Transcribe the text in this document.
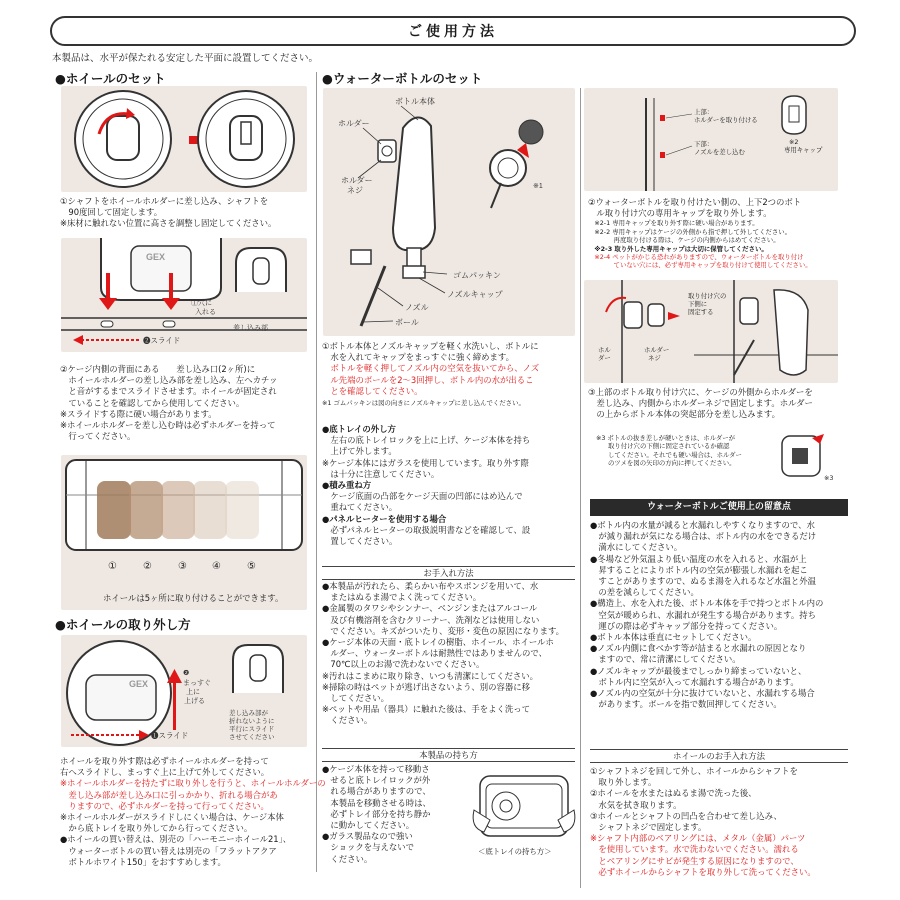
ご使用方法
本製品は、水平が保たれる安定した平面に設置してください。
●ホイールのセット
①シャフトをホイールホルダーに差し込み、シャフトを
　90度回して固定します。
※床材に触れない位置に高さを調整し固定してください。
GEX
①穴に
入れる
差し込み部
❷スライド
②ケージ内側の背面にある　　差し込み口(2ヶ所)に
　ホイールホルダーの差し込み部を差し込み、左へカチッ
　と音がするまでスライドさせます。ホイールが固定され
　ていることを確認してから使用してください。
※スライドする際に硬い場合があります。
※ホイールホルダーを差し込む時は必ずホルダーを持って
　行ってください。
①	②	③	④	⑤
ホイールは5ヶ所に取り付けることができます。
●ホイールの取り外し方
GEX
❶スライド
❷
まっすぐ
上に
上げる
差し込み部が
折れないように
平行にスライド
させてください
ホイールを取り外す際は必ずホイールホルダーを持って
右へスライドし、まっすぐ上に上げて外してください。
※ホイールホルダーを持たずに取り外しを行うと、ホイールホルダーの
　差し込み部が差し込み口に引っかかり、折れる場合があ
　りますので、必ずホルダーを持って行ってください。
※ホイールホルダーがスライドしにくい場合は、ケージ本体
　から底トレイを取り外してから行ってください。
●ホイールの買い替えは、別売の「ハーモニーホイール21」、
　ウォーターボトルの買い替えは別売の「フラットアクア
　ボトルホワイト150」をおすすめします。
●ウォーターボトルのセット
ボトル本体
ホルダー
ホルダー
ネジ
ゴムパッキン
ノズルキャップ
ノズル
ボール
※1
①ボトル本体とノズルキャップを軽く水洗いし、ボトルに
　水を入れてキャップをまっすぐに強く締めます。
　ボトルを軽く押してノズル内の空気を抜いてから、ノズ
　ル先端のボールを2〜3回押し、ボトル内の水が出るこ
　とを確認してください。
※1 ゴムパッキンは図の向きにノズルキャップに差し込んでください。
●底トレイの外し方
　左右の底トレイロックを上に上げ、ケージ本体を持ち
　上げて外します。
※ケージ本体にはガラスを使用しています。取り外す際
　は十分に注意してください。
●積み重ね方
　ケージ底面の凸部をケージ天面の凹部にはめ込んで
　重ねてください。
●パネルヒーターを使用する場合
　必ずパネルヒーターの取扱説明書などを確認して、設
　置してください。
お手入れ方法
●本製品が汚れたら、柔らかい布やスポンジを用いて、水
　またはぬるま湯でよく洗ってください。
●金属製のタワシやシンナー、ベンジンまたはアルコール
　及び有機溶剤を含むクリーナー、洗剤などは使用しない
　でください。キズがついたり、変形・変色の原因になります。
●ケージ本体の天面・底トレイの樹脂、ホイール、ホイールホ
　ルダー、ウォーターボトルは耐熱性ではありませんので、
　70℃以上のお湯で洗わないでください。
※汚れはこまめに取り除き、いつも清潔にしてください。
※掃除の時はペットが逃げ出さないよう、別の容器に移
　してください。
※ペットや用品（器具）に触れた後は、手をよく洗って
　ください。
本製品の持ち方
●ケージ本体を持って移動さ
　せると底トレイロックが外
　れる場合がありますので、
　本製品を移動させる時は、
　必ずトレイ部分を持ち静か
　に動かしてください。
●ガラス製品なので強い
　ショックを与えないで
　ください。
＜底トレイの持ち方＞
上部：
ホルダーを取り付ける
下部：
ノズルを差し込む
※2
専用キャップ
②ウォーターボトルを取り付けたい側の、上下2つのボト
　ル取り付け穴の専用キャップを取り外します。
　※2-1 専用キャップを取り外す際に硬い場合があります。
　※2-2 専用キャップはケージの外側から指で押して外してください。
　　　　再度取り付ける際は、ケージの内側からはめてください。
　※2-3 取り外した専用キャップは大切に保管してください。
　※2-4 ペットがかじる恐れがありますので、ウォーターボトルを取り付け
　　　　ていない穴には、必ず専用キャップを取り付けて使用してください。
取り付け穴の
下側に
固定する
ホル
ダー
ホルダー
ネジ
③上部のボトル取り付け穴に、ケージの外側からホルダーを
　差し込み、内側からホルダーネジで固定します。ホルダー
　の上からボトル本体の突起部分を差し込みます。
※3 ボトルの抜き差しが硬いときは、ホルダーが
取り付け穴の下側に固定されているか確認
してください。それでも硬い場合は、ホルダー
のツメを図の矢印の方向に押してください。
※3
ウォーターボトルご使用上の留意点
●ボトル内の水量が減ると水漏れしやすくなりますので、水
　が減り漏れが気になる場合は、ボトル内の水をできるだけ
　満水にしてください。
●冬場など外気温より低い温度の水を入れると、水温が上
　昇することによりボトル内の空気が膨張し水漏れを起こ
　すことがありますので、ぬるま湯を入れるなど水温と外温
　の差を減らしてください。
●構造上、水を入れた後、ボトル本体を手で持つとボトル内の
　空気が暖められ、水漏れが発生する場合があります。持ち
　運びの際は必ずキャップ部分を持ってください。
●ボトル本体は垂直にセットしてください。
●ノズル内側に食べかす等が詰まると水漏れの原因となり
　ますので、常に清潔にしてください。
●ノズルキャップが最後までしっかり締まっていないと、
　ボトル内に空気が入って水漏れする場合があります。
●ノズル内の空気が十分に抜けていないと、水漏れする場合
　があります。ボールを指で数回押してください。
ホイールのお手入れ方法
①シャフトネジを回して外し、ホイールからシャフトを
　取り外します。
②ホイールを水またはぬるま湯で洗った後、
　水気を拭き取ります。
③ホイールとシャフトの凹凸を合わせて差し込み、
　シャフトネジで固定します。
※シャフト内部のベアリングには、メタル（金属）パーツ
　を使用しています。水で洗わないでください。濡れる
　とベアリングにサビが発生する原因になりますので、
　必ずホイールからシャフトを取り外して洗ってください。
